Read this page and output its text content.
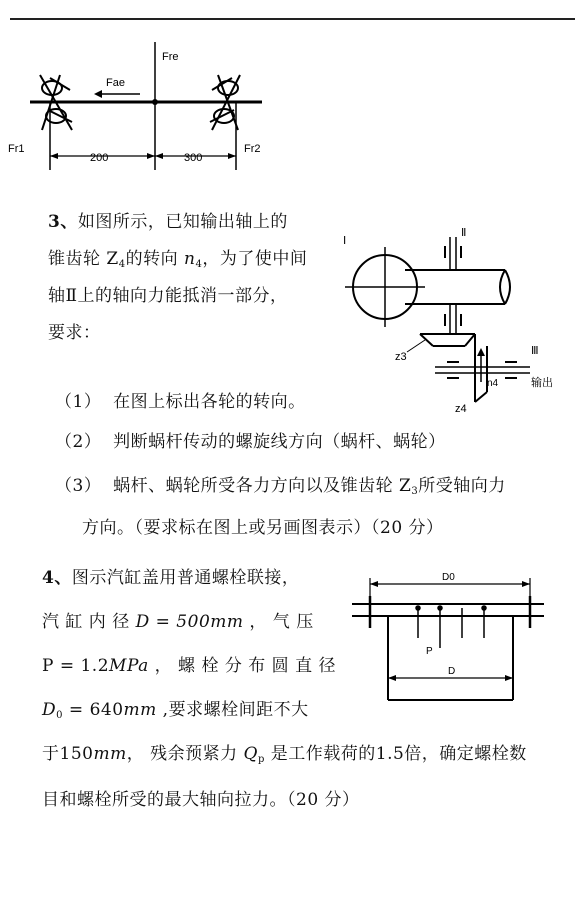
Fre
Fae
Fr1	Fr2
200	300
3、如图所示，已知输出轴上的
锥齿轮 $Z_4$的转向 $n_4$，为了使中间
轴Ⅱ上的轴向力能抵消一部分，
要求：
（1） 在图上标出各轮的转向。
（2） 判断蜗杆传动的螺旋线方向（蜗杆、蜗轮）
（3） 蜗杆、蜗轮所受各力方向以及锥齿轮 $Z_3$所受轴向力
方向。（要求标在图上或另画图表示）（20 分）
Ⅰ
Ⅱ
Ⅲ
z3
z4
n4	输出
4、图示汽缸盖用普通螺栓联接，
汽 缸 内 径 D = 500mm ， 气 压
P = 1.2MPa ， 螺 栓 分 布 圆 直 径
$D_0 = 640mm$ ,要求螺栓间距不大
于150mm， 残余预紧力 $Q_p$ 是工作载荷的1.5倍，确定螺栓数
目和螺栓所受的最大轴向拉力。（20 分）
D0
D
P
